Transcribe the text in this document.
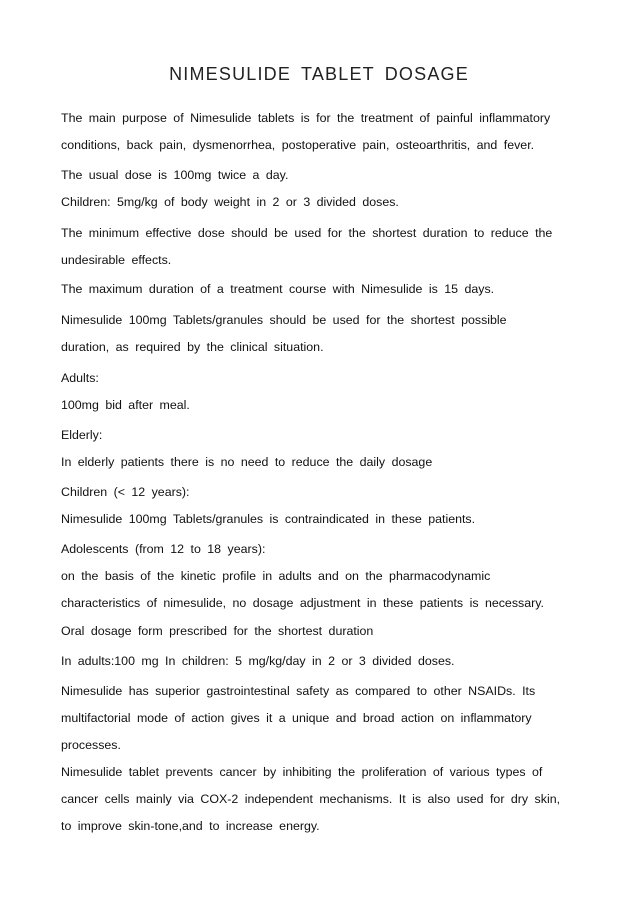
NIMESULIDE TABLET DOSAGE
The main purpose of Nimesulide tablets is for the treatment of painful inflammatory
conditions, back pain, dysmenorrhea, postoperative pain, osteoarthritis, and fever.
The usual dose is 100mg twice a day.
Children: 5mg/kg of body weight in 2 or 3 divided doses.
The minimum effective dose should be used for the shortest duration to reduce the
undesirable effects.
The maximum duration of a treatment course with Nimesulide is 15 days.
Nimesulide 100mg Tablets/granules should be used for the shortest possible
duration, as required by the clinical situation.
Adults:
100mg bid after meal.
Elderly:
In elderly patients there is no need to reduce the daily dosage
Children (< 12 years):
Nimesulide 100mg Tablets/granules is contraindicated in these patients.
Adolescents (from 12 to 18 years):
on the basis of the kinetic profile in adults and on the pharmacodynamic
characteristics of nimesulide, no dosage adjustment in these patients is necessary.
Oral dosage form prescribed for the shortest duration
In adults:100 mg In children: 5 mg/kg/day in 2 or 3 divided doses.
Nimesulide has superior gastrointestinal safety as compared to other NSAIDs. Its
multifactorial mode of action gives it a unique and broad action on inflammatory
processes.
Nimesulide tablet prevents cancer by inhibiting the proliferation of various types of
cancer cells mainly via COX-2 independent mechanisms. It is also used for dry skin,
to improve skin-tone,and to increase energy.
